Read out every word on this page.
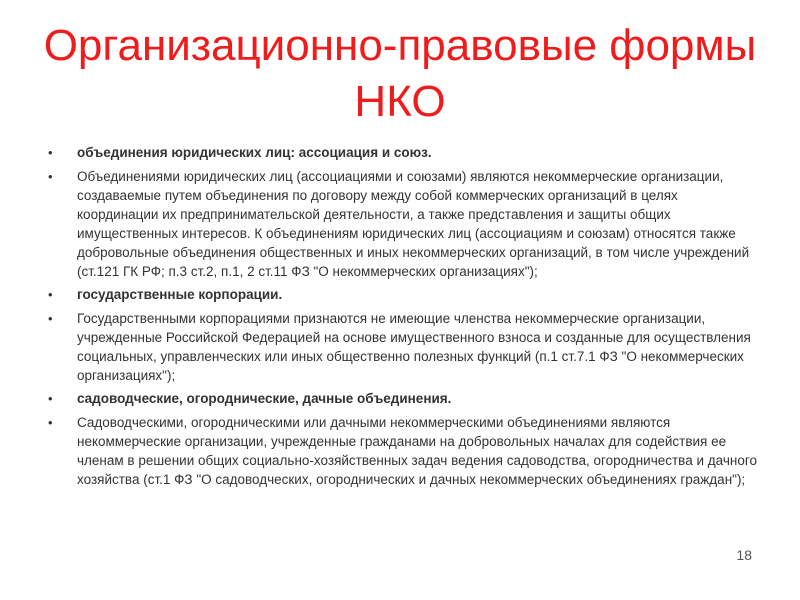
Организационно-правовые формы НКО
• объединения юридических лиц: ассоциация и союз.
• Объединениями юридических лиц (ассоциациями и союзами) являются некоммерческие организации, создаваемые путем объединения по договору между собой коммерческих организаций в целях координации их предпринимательской деятельности, а также представления и защиты общих имущественных интересов. К объединениям юридических лиц (ассоциациям и союзам) относятся также добровольные объединения общественных и иных некоммерческих организаций, в том числе учреждений (ст.121 ГК РФ; п.3 ст.2, п.1, 2 ст.11 ФЗ "О некоммерческих организациях");
• государственные корпорации.
• Государственными корпорациями признаются не имеющие членства некоммерческие организации, учрежденные Российской Федерацией на основе имущественного взноса и созданные для осуществления социальных, управленческих или иных общественно полезных функций (п.1 ст.7.1 ФЗ "О некоммерческих организациях");
• садоводческие, огороднические, дачные объединения.
• Садоводческими, огородническими или дачными некоммерческими объединениями являются некоммерческие организации, учрежденные гражданами на добровольных началах для содействия ее членам в решении общих социально-хозяйственных задач ведения садоводства, огородничества и дачного хозяйства (ст.1 ФЗ "О садоводческих, огороднических и дачных некоммерческих объединениях граждан");
18
